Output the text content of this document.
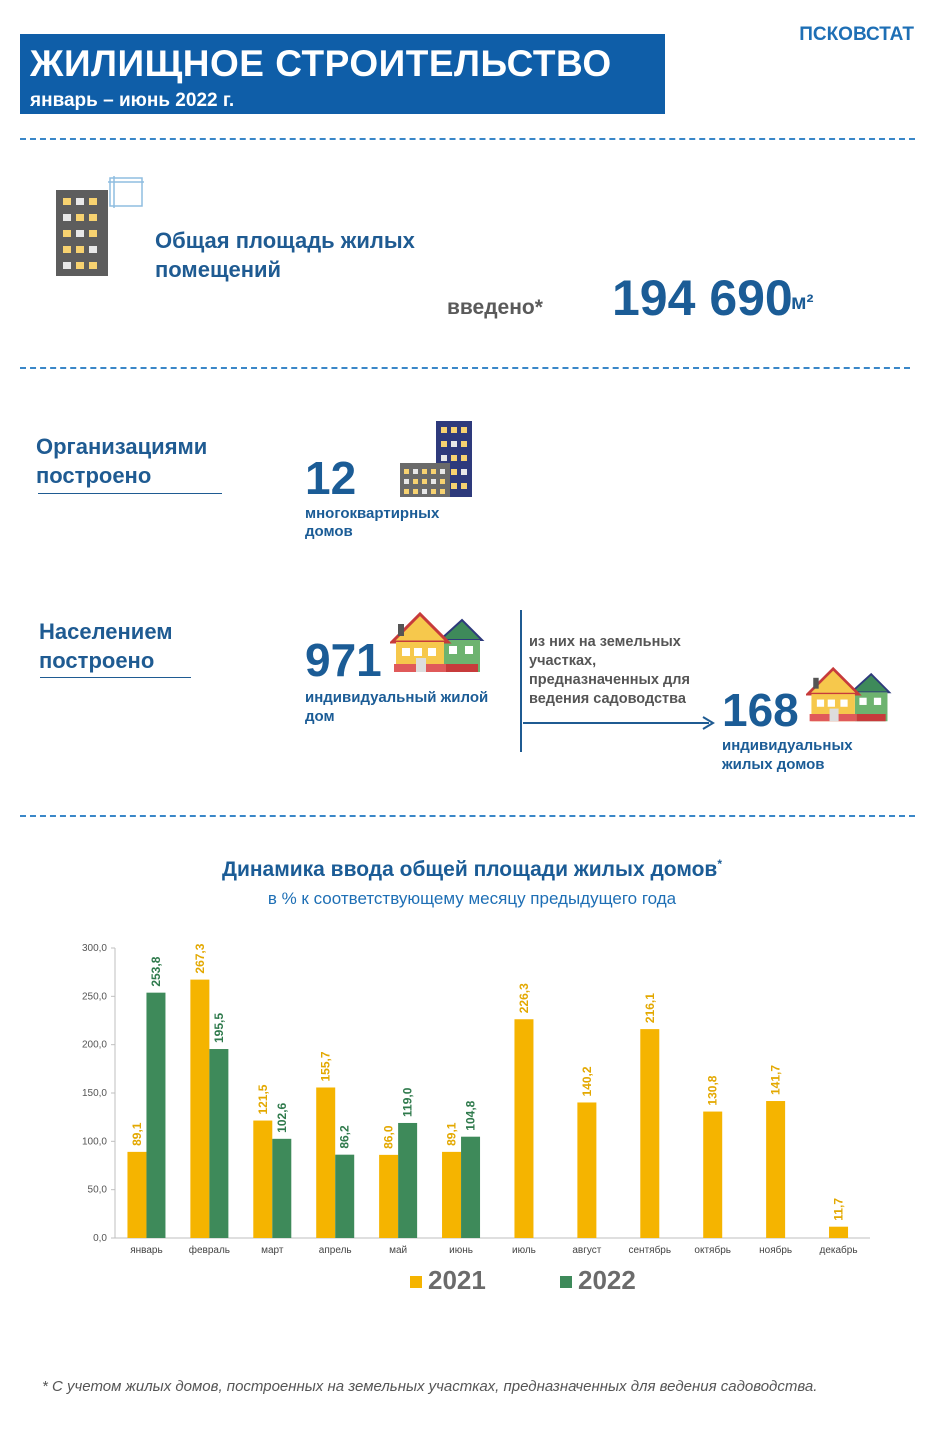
ЖИЛИЩНОЕ СТРОИТЕЛЬСТВО
январь – июнь 2022 г.
ПСКОВСТАТ
Общая площадь жилых помещений
введено* 194 690
м²
Организациями построено	12
многоквартирных домов
Населением построено	971
индивидуальный жилой дом
из них на земельных участках, предназначенных для ведения садоводства 168
индивидуальных жилых домов
Динамика ввода общей площади жилых домов*
в % к соответствующему месяцу предыдущего года
0,0
50,0
100,0
150,0
200,0
250,0
300,0
89,1
253,8
январь
267,3
195,5
февраль
121,5
102,6
март
155,7
86,2
апрель
86,0
119,0
май
89,1
104,8
июнь
226,3
июль
140,2
август
216,1
сентябрь
130,8
октябрь
141,7
ноябрь
11,7
декабрь
2021	2022
* С учетом жилых домов, построенных на земельных участках, предназначенных для ведения садоводства.
